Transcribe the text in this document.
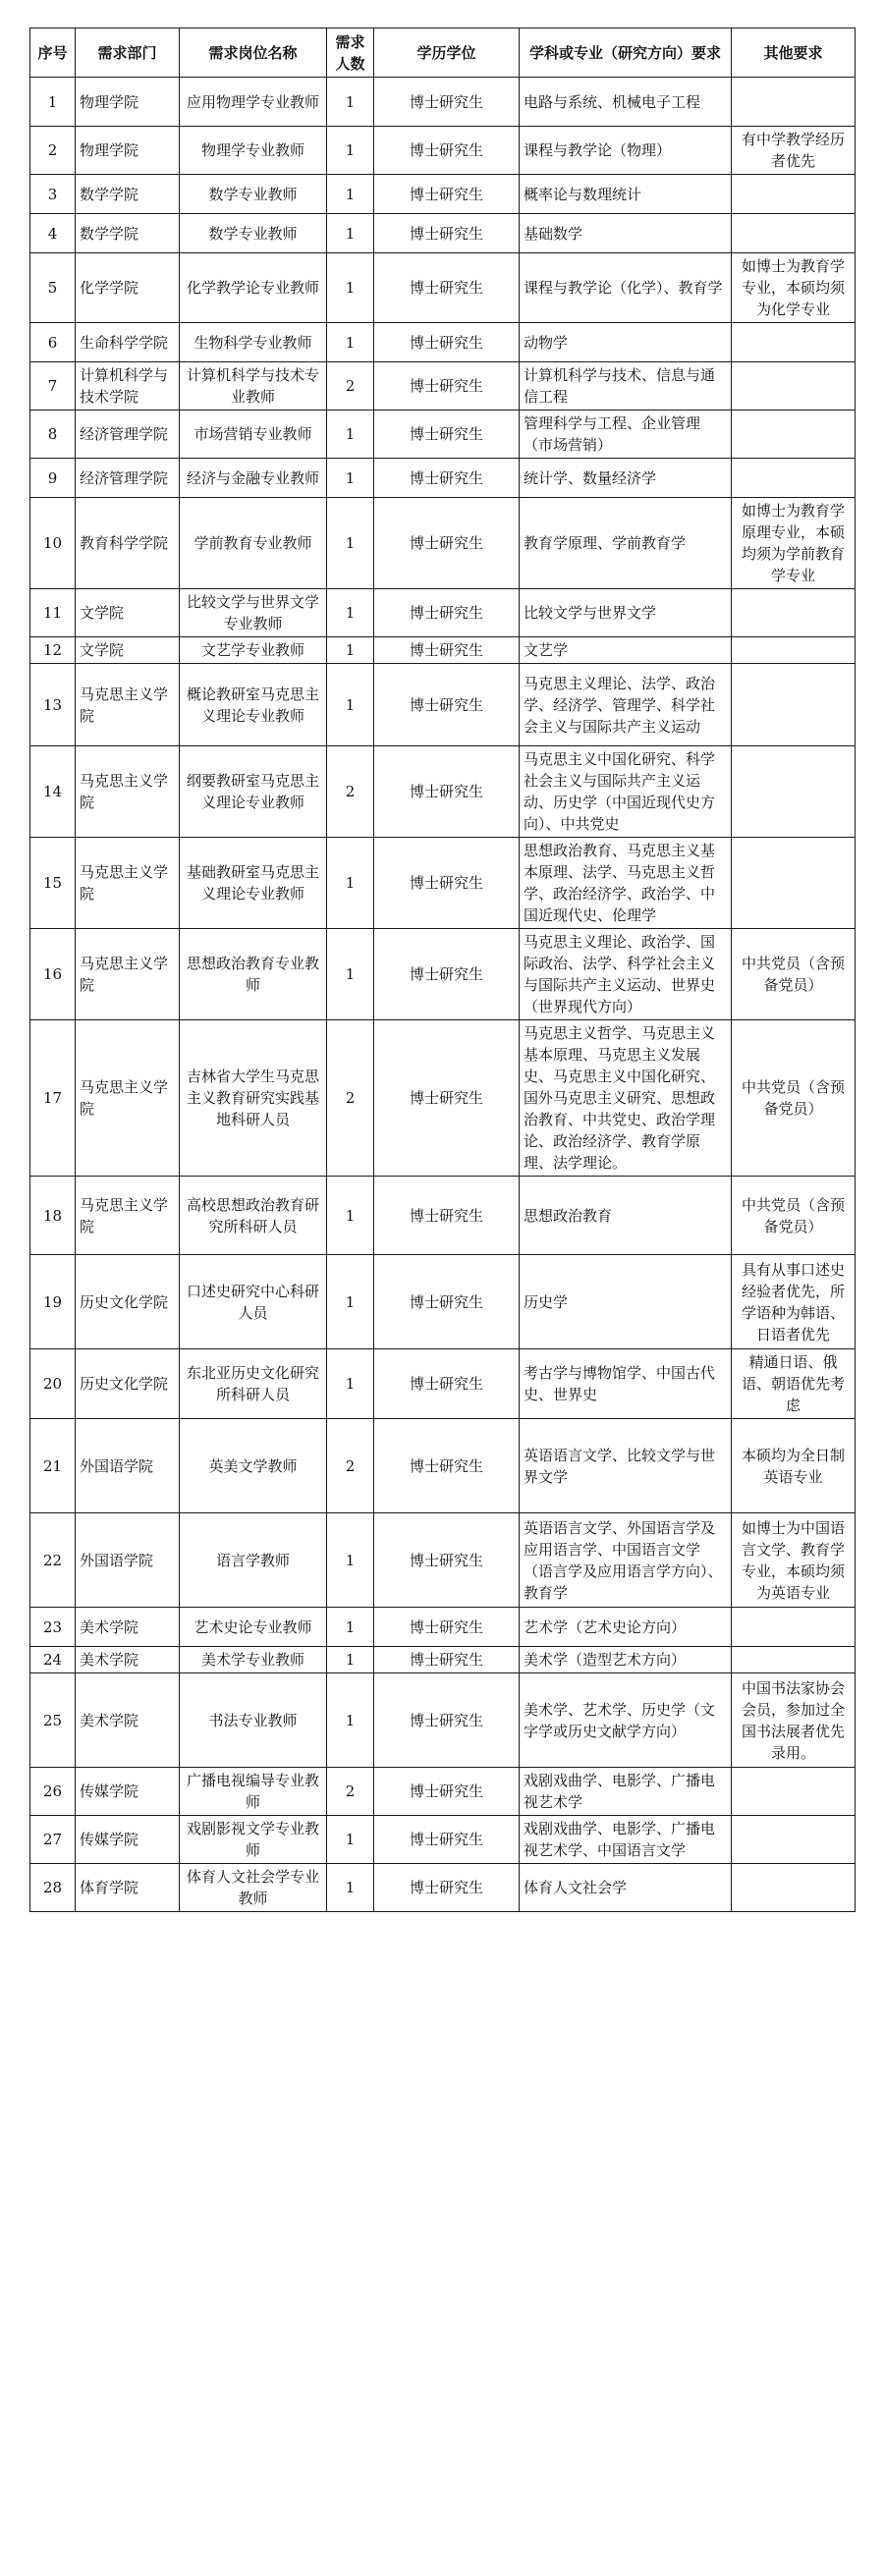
序号	需求部门	需求岗位名称	需求人数	学历学位	学科或专业（研究方向）要求	其他要求
1	物理学院	应用物理学专业教师	1	博士研究生	电路与系统、机械电子工程	
2	物理学院	物理学专业教师	1	博士研究生	课程与教学论（物理）	有中学教学经历者优先
3	数学学院	数学专业教师	1	博士研究生	概率论与数理统计	
4	数学学院	数学专业教师	1	博士研究生	基础数学	
5	化学学院	化学教学论专业教师	1	博士研究生	课程与教学论（化学）、教育学	如博士为教育学专业，本硕均须为化学专业
6	生命科学学院	生物科学专业教师	1	博士研究生	动物学	
7	计算机科学与技术学院	计算机科学与技术专业教师	2	博士研究生	计算机科学与技术、信息与通信工程	
8	经济管理学院	市场营销专业教师	1	博士研究生	管理科学与工程、企业管理（市场营销）	
9	经济管理学院	经济与金融专业教师	1	博士研究生	统计学、数量经济学	
10	教育科学学院	学前教育专业教师	1	博士研究生	教育学原理、学前教育学	如博士为教育学原理专业，本硕均须为学前教育学专业
11	文学院	比较文学与世界文学专业教师	1	博士研究生	比较文学与世界文学	
12	文学院	文艺学专业教师	1	博士研究生	文艺学	
13	马克思主义学院	概论教研室马克思主义理论专业教师	1	博士研究生	马克思主义理论、法学、政治学、经济学、管理学、科学社会主义与国际共产主义运动	
14	马克思主义学院	纲要教研室马克思主义理论专业教师	2	博士研究生	马克思主义中国化研究、科学社会主义与国际共产主义运动、历史学（中国近现代史方向）、中共党史	
15	马克思主义学院	基础教研室马克思主义理论专业教师	1	博士研究生	思想政治教育、马克思主义基本原理、法学、马克思主义哲学、政治经济学、政治学、中国近现代史、伦理学	
16	马克思主义学院	思想政治教育专业教师	1	博士研究生	马克思主义理论、政治学、国际政治、法学、科学社会主义与国际共产主义运动、世界史（世界现代方向）	中共党员（含预备党员）
17	马克思主义学院	吉林省大学生马克思主义教育研究实践基地科研人员	2	博士研究生	马克思主义哲学、马克思主义基本原理、马克思主义发展史、马克思主义中国化研究、国外马克思主义研究、思想政治教育、中共党史、政治学理论、政治经济学、教育学原理、法学理论。	中共党员（含预备党员）
18	马克思主义学院	高校思想政治教育研究所科研人员	1	博士研究生	思想政治教育	中共党员（含预备党员）
19	历史文化学院	口述史研究中心科研人员	1	博士研究生	历史学	具有从事口述史经验者优先，所学语种为韩语、日语者优先
20	历史文化学院	东北亚历史文化研究所科研人员	1	博士研究生	考古学与博物馆学、中国古代史、世界史	精通日语、俄语、朝语优先考虑
21	外国语学院	英美文学教师	2	博士研究生	英语语言文学、比较文学与世界文学	本硕均为全日制英语专业
22	外国语学院	语言学教师	1	博士研究生	英语语言文学、外国语言学及应用语言学、中国语言文学（语言学及应用语言学方向）、教育学	如博士为中国语言文学、教育学专业，本硕均须为英语专业
23	美术学院	艺术史论专业教师	1	博士研究生	艺术学（艺术史论方向）	
24	美术学院	美术学专业教师	1	博士研究生	美术学（造型艺术方向）	
25	美术学院	书法专业教师	1	博士研究生	美术学、艺术学、历史学（文字学或历史文献学方向）	中国书法家协会会员，参加过全国书法展者优先录用。
26	传媒学院	广播电视编导专业教师	2	博士研究生	戏剧戏曲学、电影学、广播电视艺术学	
27	传媒学院	戏剧影视文学专业教师	1	博士研究生	戏剧戏曲学、电影学、广播电视艺术学、中国语言文学	
28	体育学院	体育人文社会学专业教师	1	博士研究生	体育人文社会学	
